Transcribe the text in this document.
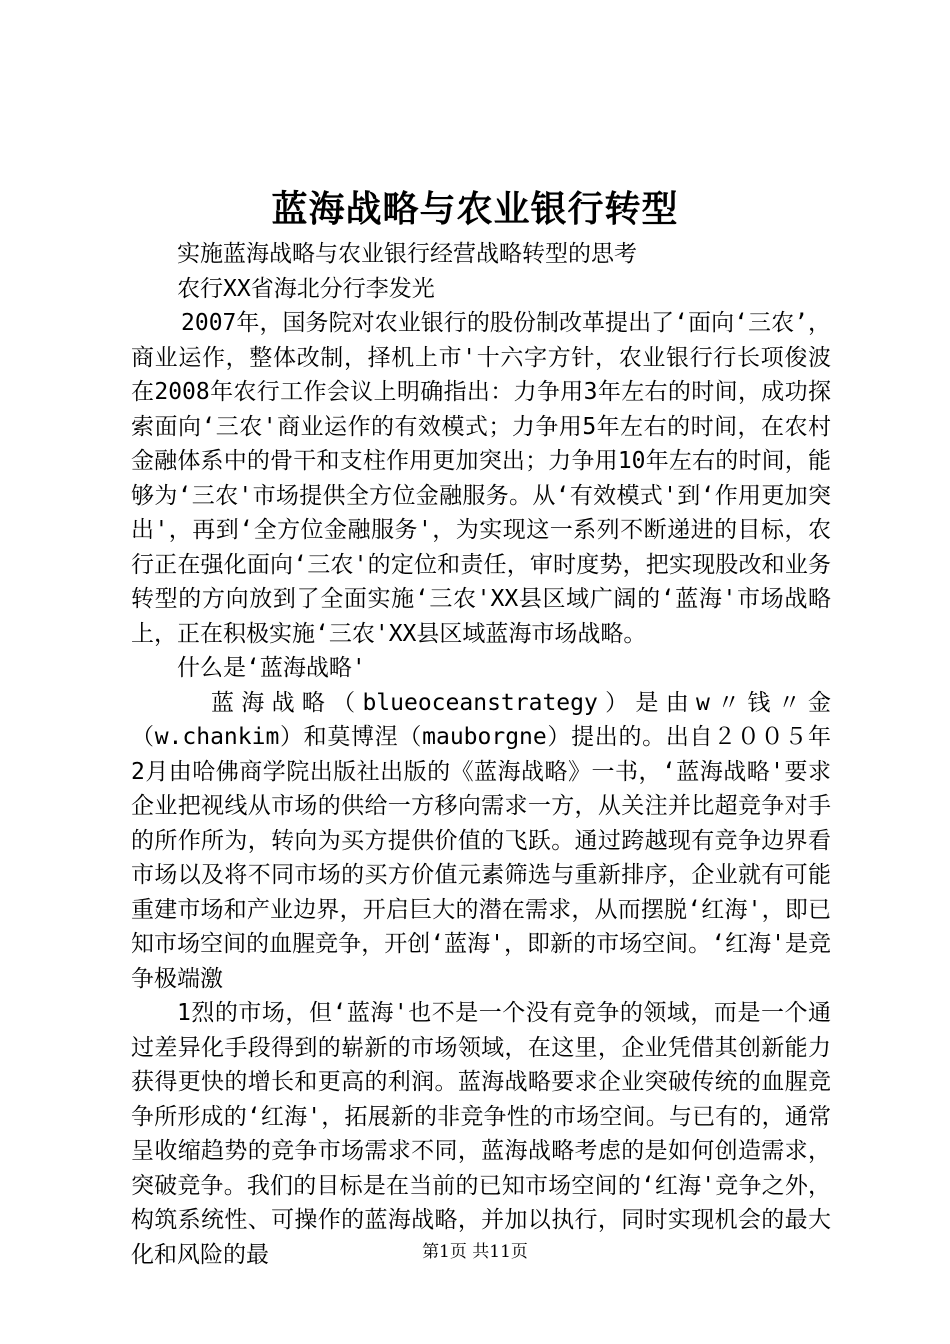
蓝海战略与农业银行转型

实施蓝海战略与农业银行经营战略转型的思考

农行XX省海北分行李发光

2007年，国务院对农业银行的股份制改革提出了‘面向‘三农’，商业运作，整体改制，择机上市'十六字方针，农业银行行长项俊波在2008年农行工作会议上明确指出：力争用3年左右的时间，成功探索面向‘三农'商业运作的有效模式；力争用5年左右的时间，在农村金融体系中的骨干和支柱作用更加突出；力争用10年左右的时间，能够为‘三农'市场提供全方位金融服务。从‘有效模式'到‘作用更加突出'，再到‘全方位金融服务'，为实现这一系列不断递进的目标，农行正在强化面向‘三农'的定位和责任，审时度势，把实现股改和业务转型的方向放到了全面实施‘三农'XX县区域广阔的‘蓝海'市场战略上，正在积极实施‘三农'XX县区域蓝海市场战略。

什么是‘蓝海战略'

蓝海战略（blueoceanstrategy）是由w〃钱〃金（w.chankim）和莫博涅（mauborgne）提出的。出自２００５年2月由哈佛商学院出版社出版的《蓝海战略》一书，‘蓝海战略'要求企业把视线从市场的供给一方移向需求一方，从关注并比超竞争对手的所作所为，转向为买方提供价值的飞跃。通过跨越现有竞争边界看市场以及将不同市场的买方价值元素筛选与重新排序，企业就有可能重建市场和产业边界，开启巨大的潜在需求，从而摆脱‘红海'，即已知市场空间的血腥竞争，开创‘蓝海'，即新的市场空间。‘红海'是竞争极端激

1烈的市场，但‘蓝海'也不是一个没有竞争的领域，而是一个通过差异化手段得到的崭新的市场领域，在这里，企业凭借其创新能力获得更快的增长和更高的利润。蓝海战略要求企业突破传统的血腥竞争所形成的‘红海'，拓展新的非竞争性的市场空间。与已有的，通常呈收缩趋势的竞争市场需求不同，蓝海战略考虑的是如何创造需求，突破竞争。我们的目标是在当前的已知市场空间的‘红海'竞争之外，构筑系统性、可操作的蓝海战略，并加以执行，同时实现机会的最大化和风险的最	第1页 共11页
